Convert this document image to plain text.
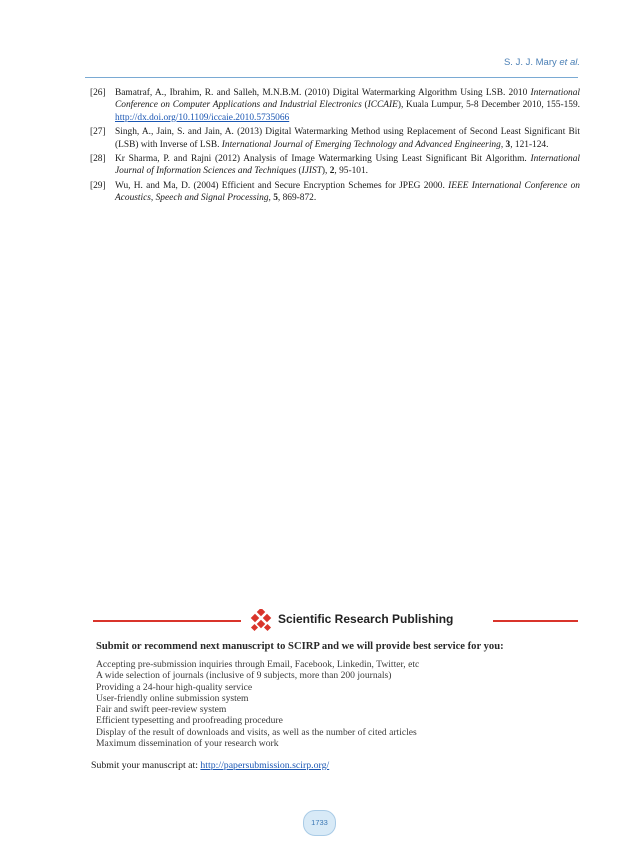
S. J. J. Mary et al.
[26] Bamatraf, A., Ibrahim, R. and Salleh, M.N.B.M. (2010) Digital Watermarking Algorithm Using LSB. 2010 International Conference on Computer Applications and Industrial Electronics (ICCAIE), Kuala Lumpur, 5-8 December 2010, 155-159. http://dx.doi.org/10.1109/iccaie.2010.5735066
[27] Singh, A., Jain, S. and Jain, A. (2013) Digital Watermarking Method using Replacement of Second Least Significant Bit (LSB) with Inverse of LSB. International Journal of Emerging Technology and Advanced Engineering, 3, 121-124.
[28] Kr Sharma, P. and Rajni (2012) Analysis of Image Watermarking Using Least Significant Bit Algorithm. International Journal of Information Sciences and Techniques (IJIST), 2, 95-101.
[29] Wu, H. and Ma, D. (2004) Efficient and Secure Encryption Schemes for JPEG 2000. IEEE International Conference on Acoustics, Speech and Signal Processing, 5, 869-872.
Scientific Research Publishing
Submit or recommend next manuscript to SCIRP and we will provide best service for you:
Accepting pre-submission inquiries through Email, Facebook, Linkedin, Twitter, etc
A wide selection of journals (inclusive of 9 subjects, more than 200 journals)
Providing a 24-hour high-quality service
User-friendly online submission system
Fair and swift peer-review system
Efficient typesetting and proofreading procedure
Display of the result of downloads and visits, as well as the number of cited articles
Maximum dissemination of your research work
Submit your manuscript at: http://papersubmission.scirp.org/
1733
